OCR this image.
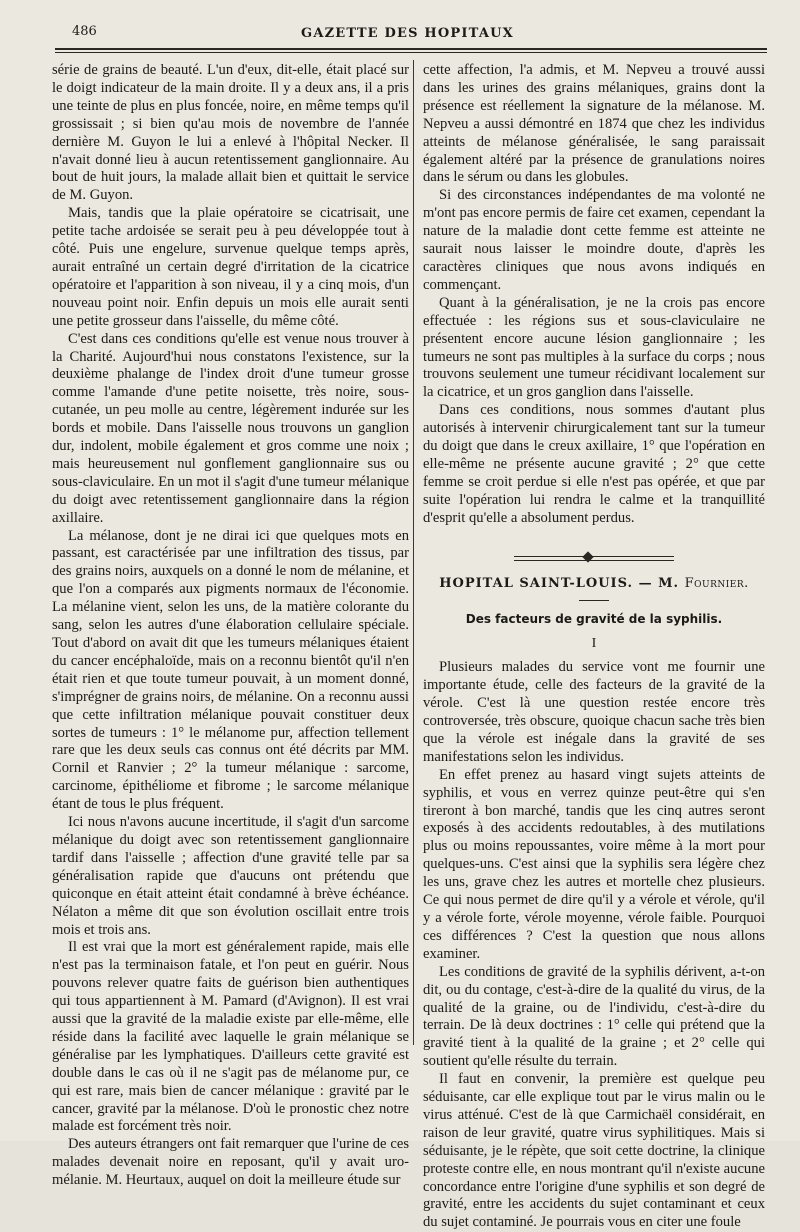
486	GAZETTE DES HOPITAUX

série de grains de beauté. L'un d'eux, dit-elle, était placé sur le doigt indicateur de la main droite. Il y a deux ans, il a pris une teinte de plus en plus foncée, noire, en même temps qu'il grossissait ; si bien qu'au mois de novembre de l'année dernière M. Guyon le lui a enlevé à l'hôpital Necker. Il n'avait donné lieu à aucun retentissement ganglionnaire. Au bout de huit jours, la malade allait bien et quittait le service de M. Guyon.

Mais, tandis que la plaie opératoire se cicatrisait, une petite tache ardoisée se serait peu à peu développée tout à côté. Puis une engelure, survenue quelque temps après, aurait entraîné un certain degré d'irritation de la cicatrice opératoire et l'apparition à son niveau, il y a cinq mois, d'un nouveau point noir. Enfin depuis un mois elle aurait senti une petite grosseur dans l'aisselle, du même côté.

C'est dans ces conditions qu'elle est venue nous trouver à la Charité. Aujourd'hui nous constatons l'existence, sur la deuxième phalange de l'index droit d'une tumeur grosse comme l'amande d'une petite noisette, très noire, sous-cutanée, un peu molle au centre, légèrement indurée sur les bords et mobile. Dans l'aisselle nous trouvons un ganglion dur, indolent, mobile également et gros comme une noix ; mais heureusement nul gonflement ganglionnaire sus ou sous-claviculaire. En un mot il s'agit d'une tumeur mélanique du doigt avec retentissement ganglionnaire dans la région axillaire.

La mélanose, dont je ne dirai ici que quelques mots en passant, est caractérisée par une infiltration des tissus, par des grains noirs, auxquels on a donné le nom de mélanine, et que l'on a comparés aux pigments normaux de l'économie. La mélanine vient, selon les uns, de la matière colorante du sang, selon les autres d'une élaboration cellulaire spéciale. Tout d'abord on avait dit que les tumeurs mélaniques étaient du cancer encéphaloïde, mais on a reconnu bientôt qu'il n'en était rien et que toute tumeur pouvait, à un moment donné, s'imprégner de grains noirs, de mélanine. On a reconnu aussi que cette infiltration mélanique pouvait constituer deux sortes de tumeurs : 1° le mélanome pur, affection tellement rare que les deux seuls cas connus ont été décrits par MM. Cornil et Ranvier ; 2° la tumeur mélanique : sarcome, carcinome, épithéliome et fibrome ; le sarcome mélanique étant de tous le plus fréquent.

Ici nous n'avons aucune incertitude, il s'agit d'un sarcome mélanique du doigt avec son retentissement ganglionnaire tardif dans l'aisselle ; affection d'une gravité telle par sa généralisation rapide que d'aucuns ont prétendu que quiconque en était atteint était condamné à brève échéance. Nélaton a même dit que son évolution oscillait entre trois mois et trois ans.

Il est vrai que la mort est généralement rapide, mais elle n'est pas la terminaison fatale, et l'on peut en guérir. Nous pouvons relever quatre faits de guérison bien authentiques qui tous appartiennent à M. Pamard (d'Avignon). Il est vrai aussi que la gravité de la maladie existe par elle-même, elle réside dans la facilité avec laquelle le grain mélanique se généralise par les lymphatiques. D'ailleurs cette gravité est double dans le cas où il ne s'agit pas de mélanome pur, ce qui est rare, mais bien de cancer mélanique : gravité par le cancer, gravité par la mélanose. D'où le pronostic chez notre malade est forcément très noir.

Des auteurs étrangers ont fait remarquer que l'urine de ces malades devenait noire en reposant, qu'il y avait uro-mélanie. M. Heurtaux, auquel on doit la meilleure étude sur

cette affection, l'a admis, et M. Nepveu a trouvé aussi dans les urines des grains mélaniques, grains dont la présence est réellement la signature de la mélanose. M. Nepveu a aussi démontré en 1874 que chez les individus atteints de mélanose généralisée, le sang paraissait également altéré par la présence de granulations noires dans le sérum ou dans les globules.

Si des circonstances indépendantes de ma volonté ne m'ont pas encore permis de faire cet examen, cependant la nature de la maladie dont cette femme est atteinte ne saurait nous laisser le moindre doute, d'après les caractères cliniques que nous avons indiqués en commençant.

Quant à la généralisation, je ne la crois pas encore effectuée : les régions sus et sous-claviculaire ne présentent encore aucune lésion ganglionnaire ; les tumeurs ne sont pas multiples à la surface du corps ; nous trouvons seulement une tumeur récidivant localement sur la cicatrice, et un gros ganglion dans l'aisselle.

Dans ces conditions, nous sommes d'autant plus autorisés à intervenir chirurgicalement tant sur la tumeur du doigt que dans le creux axillaire, 1° que l'opération en elle-même ne présente aucune gravité ; 2° que cette femme se croit perdue si elle n'est pas opérée, et que par suite l'opération lui rendra le calme et la tranquillité d'esprit qu'elle a absolument perdus.

HOPITAL SAINT-LOUIS. — M. Fournier.
Des facteurs de gravité de la syphilis.
I

Plusieurs malades du service vont me fournir une importante étude, celle des facteurs de la gravité de la vérole. C'est là une question restée encore très controversée, très obscure, quoique chacun sache très bien que la vérole est inégale dans la gravité de ses manifestations selon les individus.

En effet prenez au hasard vingt sujets atteints de syphilis, et vous en verrez quinze peut-être qui s'en tireront à bon marché, tandis que les cinq autres seront exposés à des accidents redoutables, à des mutilations plus ou moins repoussantes, voire même à la mort pour quelques-uns. C'est ainsi que la syphilis sera légère chez les uns, grave chez les autres et mortelle chez plusieurs. Ce qui nous permet de dire qu'il y a vérole et vérole, qu'il y a vérole forte, vérole moyenne, vérole faible. Pourquoi ces différences ? C'est la question que nous allons examiner.

Les conditions de gravité de la syphilis dérivent, a-t-on dit, ou du contage, c'est-à-dire de la qualité du virus, de la qualité de la graine, ou de l'individu, c'est-à-dire du terrain. De là deux doctrines : 1° celle qui prétend que la gravité tient à la qualité de la graine ; et 2° celle qui soutient qu'elle résulte du terrain.

Il faut en convenir, la première est quelque peu séduisante, car elle explique tout par le virus malin ou le virus atténué. C'est de là que Carmichaël considérait, en raison de leur gravité, quatre virus syphilitiques. Mais si séduisante, je le répète, que soit cette doctrine, la clinique proteste contre elle, en nous montrant qu'il n'existe aucune concordance entre l'origine d'une syphilis et son degré de gravité, entre les accidents du sujet contaminant et ceux du sujet contaminé. Je pourrais vous en citer une foule
